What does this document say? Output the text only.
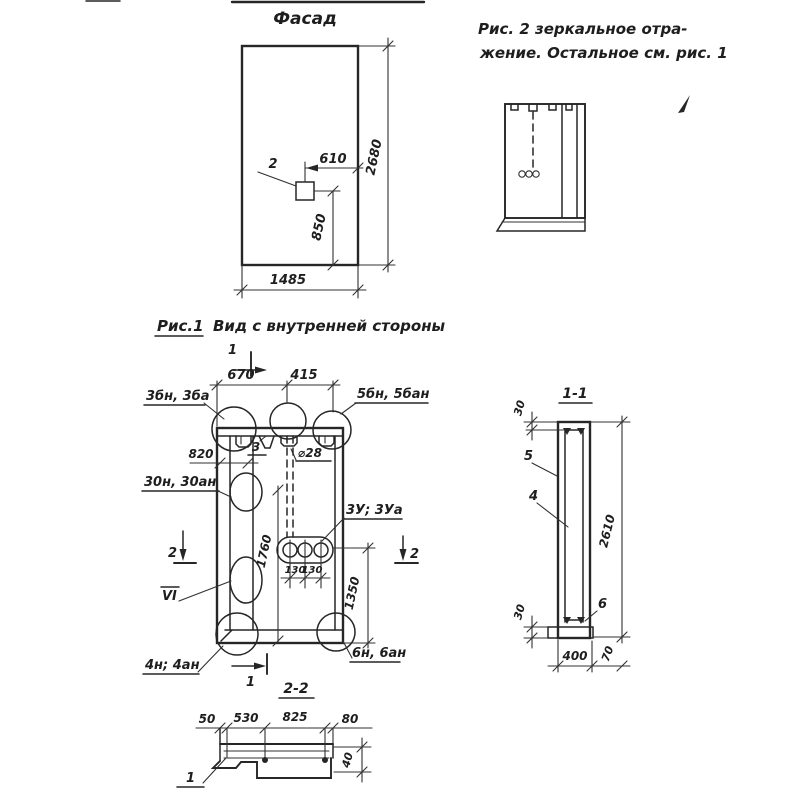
Фасад
2	610
850
2680
1485
Рис. 2 зеркальное отра-
жение. Остальное см. рис. 1
Рис.1 Вид с внутренней стороны
1
670	415
3бн, 3ба	5бн, 5бан
820	3	⌀28
30н, 30ан
1760
3У; 3Уа
130
130
1350
2	2
VI
4н; 4ан
6н, 6ан
1
1-1
30
5
4
6
2610
30
400 70
2-2
50 530 825	80
40
1
